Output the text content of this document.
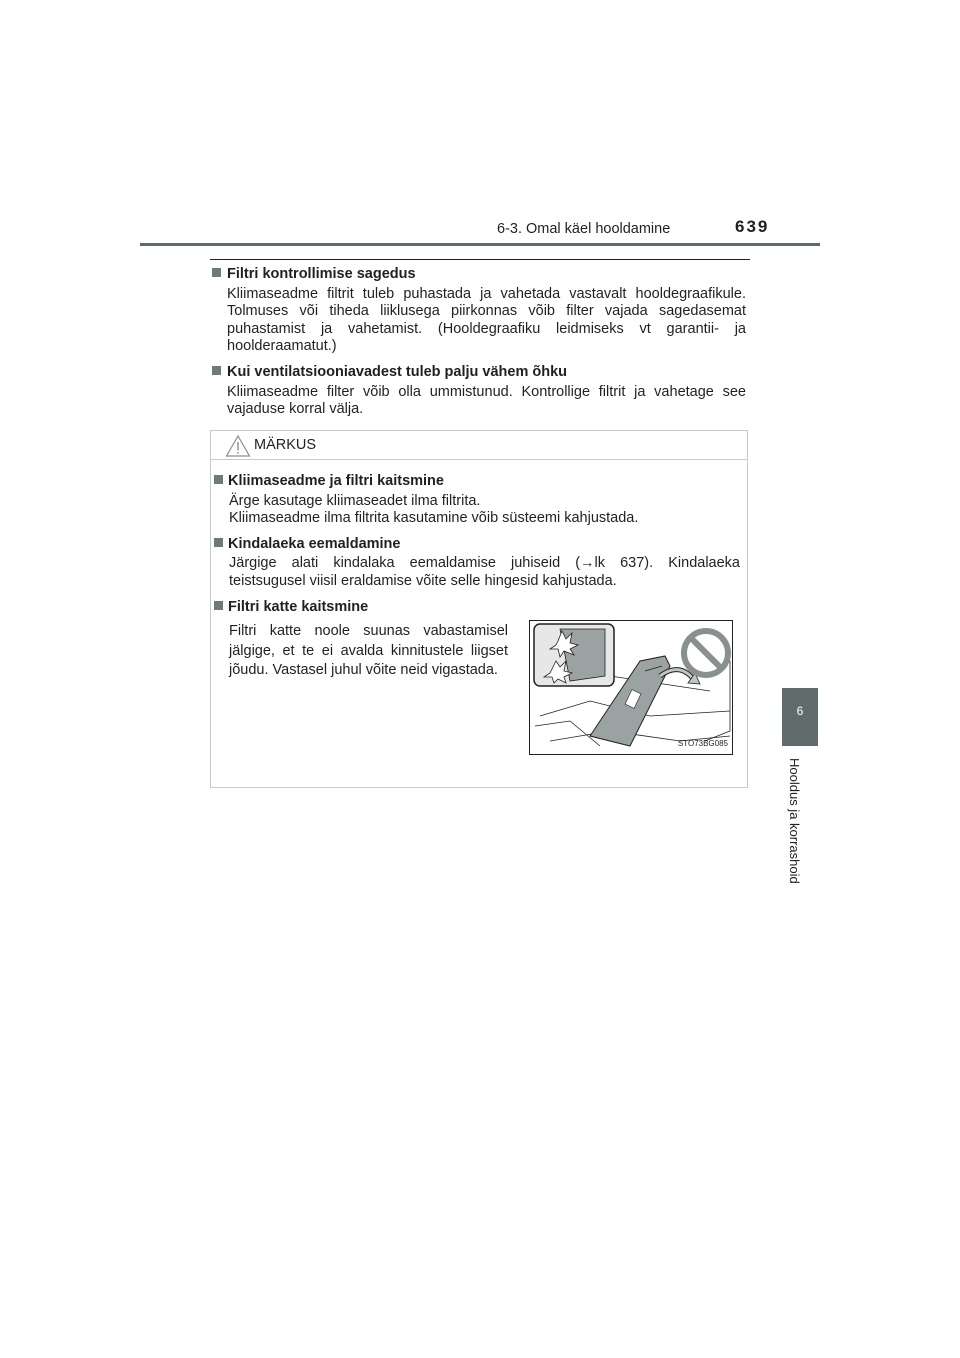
6-3. Omal käel hooldamine	639
6
Hooldus ja korrashoid

Filtri kontrollimise sagedus

Kliimaseadme filtrit tuleb puhastada ja vahetada vastavalt hooldegraafikule. Tolmuses või tiheda liiklusega piirkonnas võib filter vajada sagedasemat puhastamist ja vahetamist. (Hooldegraafiku leidmiseks vt garantii- ja hoolderaamatut.)

Kui ventilatsiooniavadest tuleb palju vähem õhku

Kliimaseadme filter võib olla ummistunud. Kontrollige filtrit ja vahetage see vajaduse korral välja.

MÄRKUS
Kliimaseadme ja filtri kaitsmine
Ärge kasutage kliimaseadet ilma filtrita.
Kliimaseadme ilma filtrita kasutamine võib süsteemi kahjustada.
Kindalaeka eemaldamine
Järgige alati kindalaka eemaldamise juhiseid (→lk 637). Kindalaeka teistsugusel viisil eraldamise võite selle hingesid kahjustada.
Filtri katte kaitsmine
Filtri katte noole suunas vabastamisel jälgige, et te ei avalda kinnitustele liigset jõudu. Vastasel juhul võite neid vigastada.
STO73BG085
